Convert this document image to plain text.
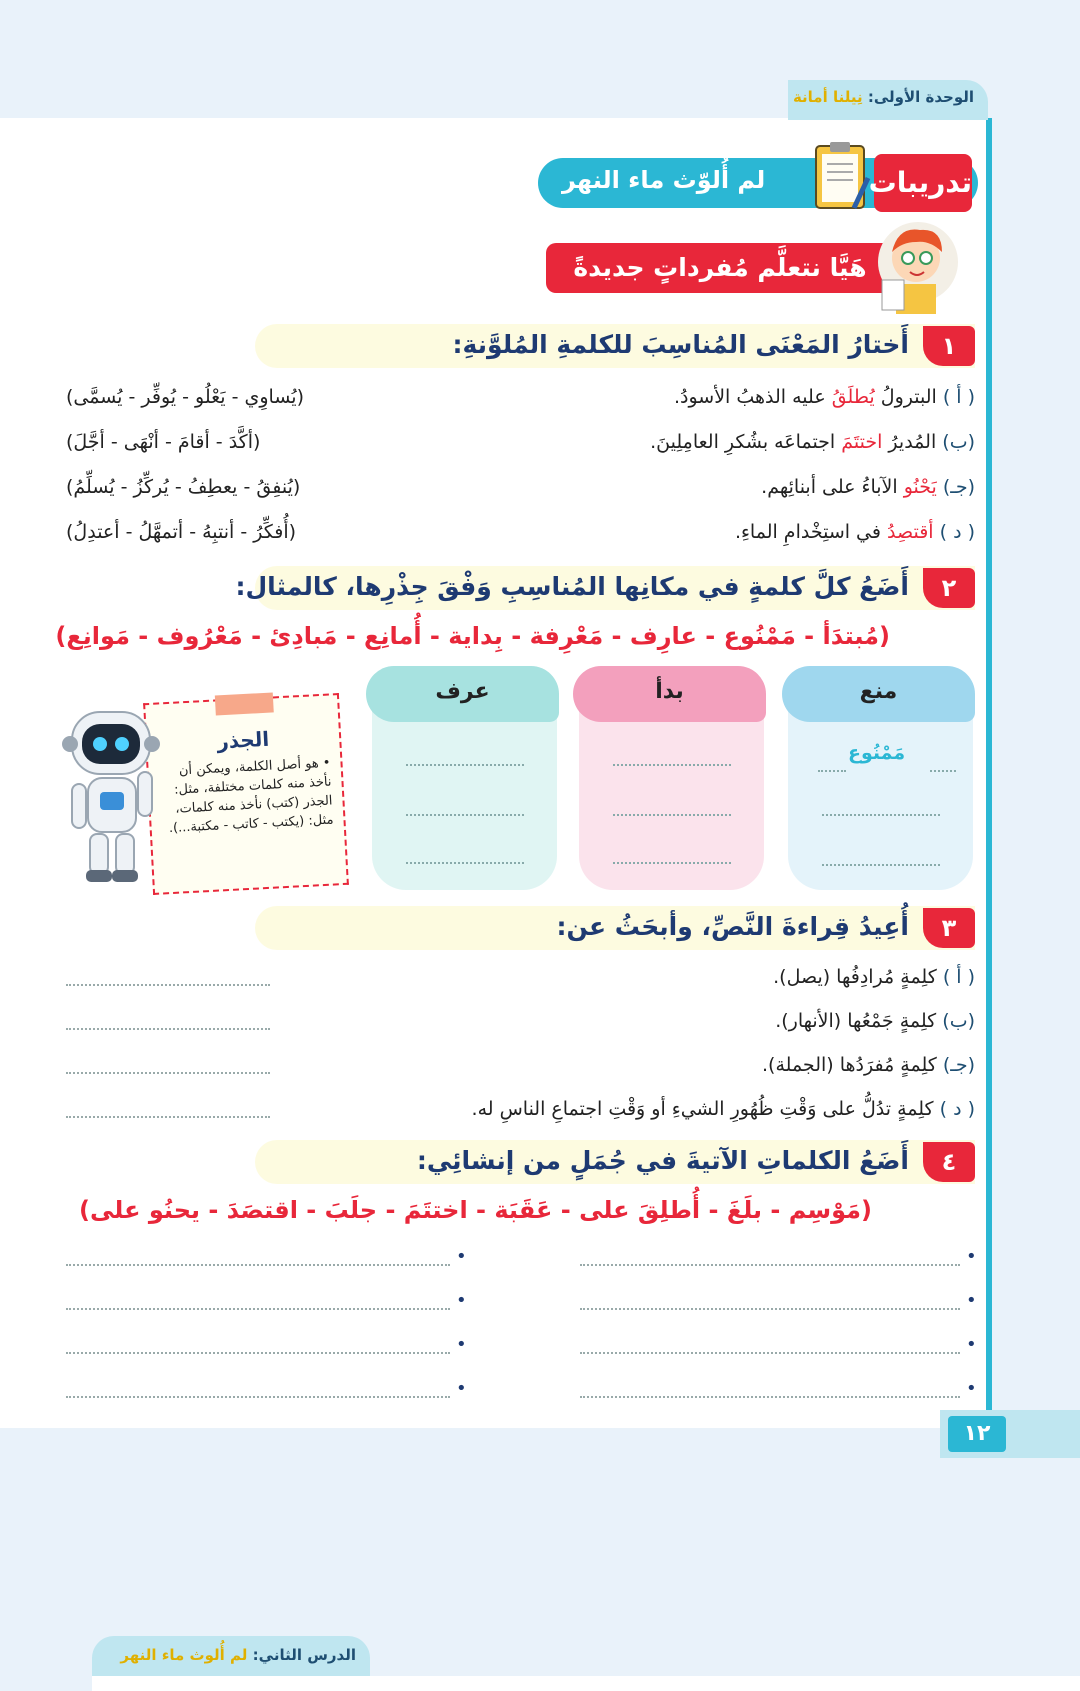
الوحدة الأولى: نِيلنا أمانة
لم أُلوّث ماء النهر	تدريبات
هَيَّا نتعلَّم مُفرداتٍ جديدةً
١
أَختارُ المَعْنَى المُناسِبَ للكلمةِ المُلوَّنةِ:
( أ ) البترولُ يُطلَقُ عليه الذهبُ الأسودُ.
(يُساوِي - يَعْلُو - يُوفِّر - يُسمَّى)
(ب) المُديرُ اختتَمَ اجتماعَه بشُكرِ العامِلِينَ.
(أكَّدَ - أقامَ - أنْهَى - أجَّلَ)
(جـ) يَحْنُو الآباءُ على أبنائِهم.
(يُنفِقُ - يعطِفُ - يُركِّزُ - يُسلِّمُ)
( د ) أقتصِدُ في استِخْدامِ الماءِ.
(أُفكِّرُ - أنتبِهُ - أتمهَّلُ - أعتدِلُ)
٢
أَضَعُ كلَّ كلمةٍ في مكانِها المُناسِبِ وَفْقَ جِذْرِها، كالمثال:
(مُبتدَأ - مَمْنُوع - عارِف - مَعْرِفة - بِداية - أُمانِع - مَبادِئ - مَعْرُوف - مَوانِع)
منع
مَمْنُوع
بدأ
عرف
الجذر
• هو أصل الكلمة، ويمكن أن نأخذ منه كلمات مختلفة، مثل: الجذر (كتب) نأخذ منه كلمات، مثل: (يكتب - كاتب - مكتبة...).
٣
أُعِيدُ قِراءةَ النَّصِّ، وأبحَثُ عن:
( أ ) كلِمةٍ مُرادِفُها (يصل).
(ب) كلِمةٍ جَمْعُها (الأنهار).
(جـ) كلِمةٍ مُفرَدُها (الجملة).
( د ) كلِمةٍ تدُلُّ على وَقْتِ ظُهُورِ الشيءِ أو وَقْتِ اجتماعِ الناسِ له.
٤
أَضَعُ الكلماتِ الآتيةَ في جُمَلٍ من إنشائِي:
(مَوْسِم - بلَغَ - أُطلِقَ على - عَقَبَة - اختتَمَ - جلَبَ - اقتصَدَ - يحنُو على)
•
•
•
•
•
•
•
•
١٢
الدرس الثاني: لم أُلوث ماء النهر
